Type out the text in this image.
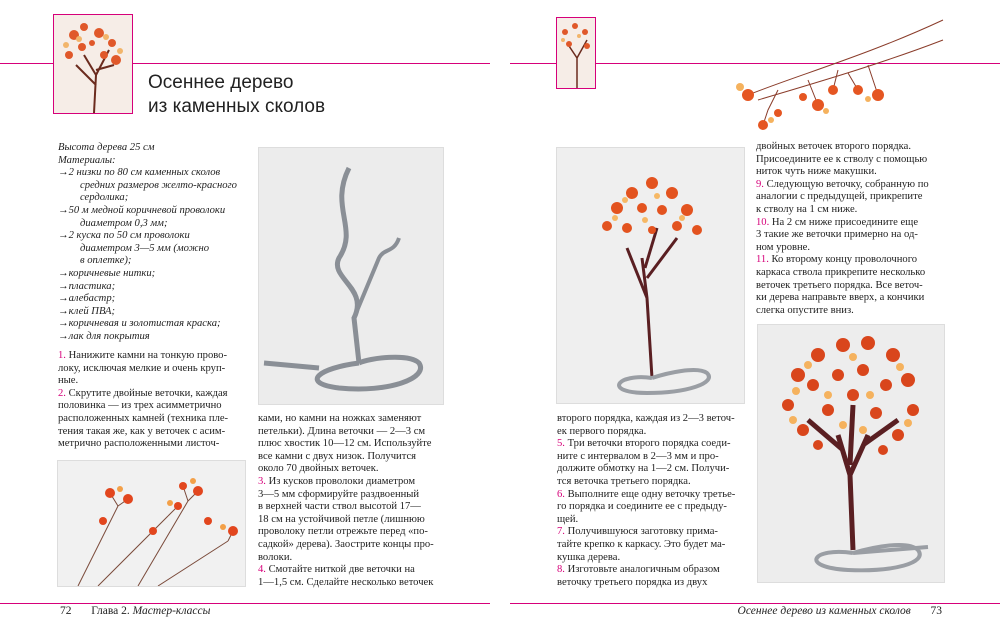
Осеннее дерево
из каменных сколов

Высота дерева 25 см

Материалы:

→2 низки по 80 см каменных сколов

средних размеров желто-красного

сердолика;

→50 м медной коричневой проволоки

диаметром 0,3 мм;

→2 куска по 50 см проволоки

диаметром 3—5 мм (можно

в оплетке);

→коричневые нитки;

→пластика;

→алебастр;

→клей ПВА;

→коричневая и золотистая краска;

→лак для покрытия

1. Нанижите камни на тонкую прово-

локу, исключая мелкие и очень круп-

ные.

2. Скрутите двойные веточки, каждая

половинка — из трех асимметрично

расположенных камней (техника пле-

тения такая же, как у веточек с асим-

метрично расположенными листоч-

ками, но камни на ножках заменяют

петельки). Длина веточки — 2—3 см

плюс хвостик 10—12 см. Используйте

все камни с двух низок. Получится

около 70 двойных веточек.

3. Из кусков проволоки диаметром

3—5 мм сформируйте раздвоенный

в верхней части ствол высотой 17—

18 см на устойчивой петле (лишнюю

проволоку петли отрежьте перед «по-

садкой» дерева). Заострите концы про-

волоки.

4. Смотайте ниткой две веточки на

1—1,5 см. Сделайте несколько веточек

72 Глава 2. Мастер-классы

двойных веточек второго порядка.

Присоедините ее к стволу с помощью

ниток чуть ниже макушки.

9. Следующую веточку, собранную по

аналогии с предыдущей, прикрепите

к стволу на 1 см ниже.

10. На 2 см ниже присоедините еще

3 такие же веточки примерно на од-

ном уровне.

11. Ко второму концу проволочного

каркаса ствола прикрепите несколько

веточек третьего порядка. Все веточ-

ки дерева направьте вверх, а кончики

слегка опустите вниз.

второго порядка, каждая из 2—3 веточ-

ек первого порядка.

5. Три веточки второго порядка соеди-

ните с интервалом в 2—3 мм и про-

должите обмотку на 1—2 см. Получи-

тся веточка третьего порядка.

6. Выполните еще одну веточку третье-

го порядка и соедините ее с предыду-

щей.

7. Получившуюся заготовку прима-

тайте крепко к каркасу. Это будет ма-

кушка дерева.

8. Изготовьте аналогичным образом

веточку третьего порядка из двух

Осеннее дерево из каменных сколов 73
